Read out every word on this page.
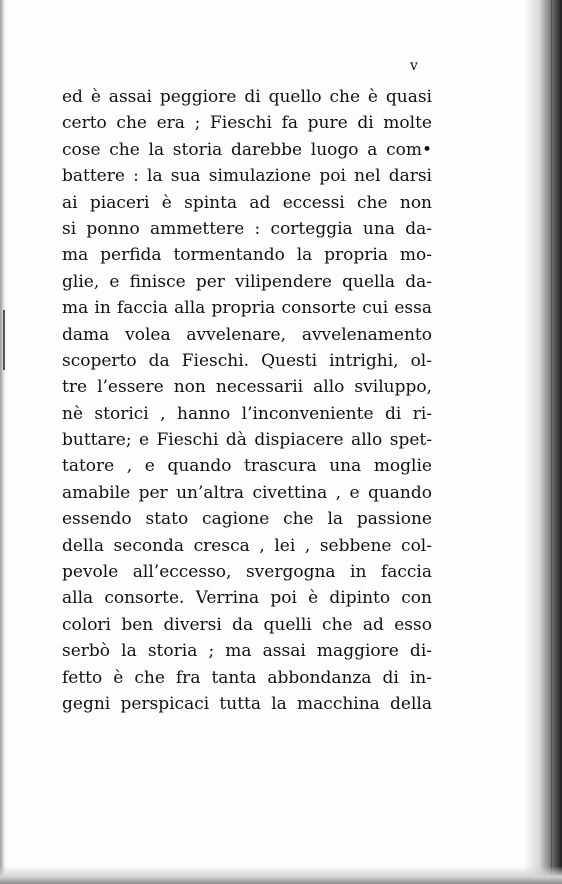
v
ed è assai peggiore di quello che è quasi
certo che era ; Fieschi fa pure di molte
cose che la storia darebbe luogo a com•
battere : la sua simulazione poi nel darsi
ai piaceri è spinta ad eccessi che non
si ponno ammettere : corteggia una da-
ma perfida tormentando la propria mo-
glie, e finisce per vilipendere quella da-
ma in faccia alla propria consorte cui essa
dama volea avvelenare, avvelenamento
scoperto da Fieschi. Questi intrighi, ol-
tre l’essere non necessarii allo sviluppo,
nè storici , hanno l’inconveniente di ri-
buttare; e Fieschi dà dispiacere allo spet-
tatore , e quando trascura una moglie
amabile per un’altra civettina , e quando
essendo stato cagione che la passione
della seconda cresca , lei , sebbene col-
pevole all’eccesso, svergogna in faccia
alla consorte. Verrina poi è dipinto con
colori ben diversi da quelli che ad esso
serbò la storia ; ma assai maggiore di-
fetto è che fra tanta abbondanza di in-
gegni perspicaci tutta la macchina della
